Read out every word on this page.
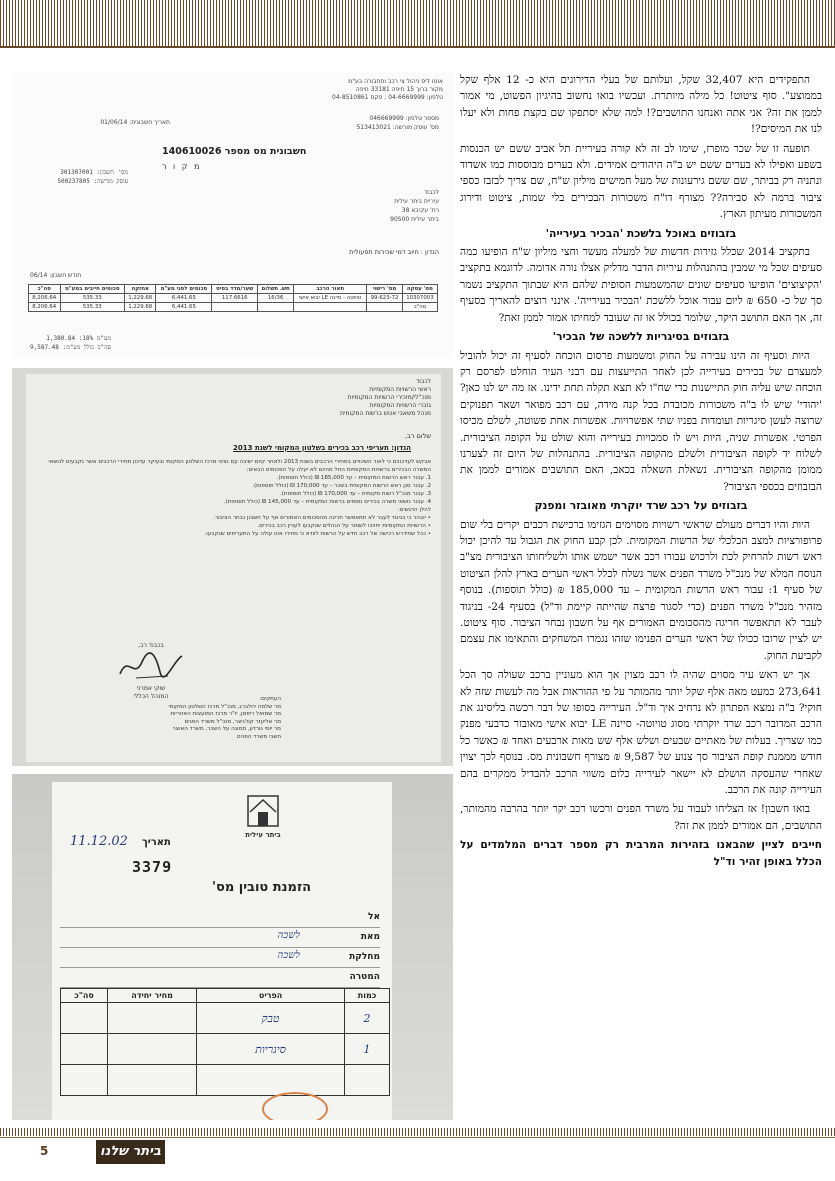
התפקידים היא 32,407 שקל, ועלותם של בעלי הדירוגים היא כ- 12 אלף שקל בממוצע". סוף ציטוט! כל מילה מיותרת. ועכשיו בואו נחשוב בהיגיון הפשוט, מי אמור לממן את זה? אני אתה ואנחנו התושבים?! למה שלא יסתפקו שם בקצת פחות ולא יעלו לנו את המיסים?!

תופעה זו של שכר מופרז, שימו לב זה לא קורה בעיריית תל אביב ששם יש הכנסות בשפע ואפילו לא בערים ששם יש ב"ה היהודים אמידים. ולא בערים מבוססות כמו אשדוד ונתניה רק בביתר, שם ששם גירעונות של מעל חמישים מיליון ש"ח, שם צריך לבזבז כספי ציבור ברמה לא סבירה?? מצורף דו"ח משכורות הבכירים בלי שמות, ציטוט ודירוג המשכורות מעיתון הארץ.

בזבוזים באוכל בלשכת 'הבכיר בעירייה'

בתקציב 2014 שכלל גזירות חדשות של למעלה מעשר וחצי מיליון ש"ח הופיעו כמה סעיפים שכל מי שמבין בהתנהלות עיריות הדבר מדליק אצלו נורה אדומה. לדוגמא בתקציב 'הקיצוצים' הופיעו סעיפים שונים שהמשמעות הסופית שלהם היא שבתוך התקציב נשמר סך של כ- 650 ₪ ליום עבור אוכל ללשכת 'הבכיר בעירייה'. אינני רוצים להאריך בסעיף זה, אך האם התושב היקר, שלומד בכולל או זה שעובד למחיתו אמור לממן זאת?

בזבוזים בסיגריות ללשכה של הבכיר'

היות וסעיף זה הינו עבירה על החוק ומשמעות פרסום הוכחה לסעיף זה יכול להוביל למעצרם של בכירים בעירייה לכן לאחר התייעצות עם רבני העיר הוחלט לפרסם רק הוכחה שיש עליה חוק התיישנות כדי שח"ו לא תצא תקלה תחת ידינו. אז מה יש לנו כאן? 'יהודי' שיש לו ב"ה משכורות מכובדת בכל קנה מידה, עם רכב מפואר ושאר תפנוקים שרוצה לעשן סיגריות ועומדות בפניו שתי אפשרויות. אפשרות אחת פשוטה, לשלם מכיסו הפרטי. אפשרות שניה, היות ויש לו סמכויות בעירייה והוא שולט על הקופה הציבורית. לשלוח יד לקופה הציבורית ולשלם מהקופה הציבורית. בהתנהלות של היום זה לצערנו ממומן מהקופה הציבורית. נשאלת השאלה בכאב, האם התושבים אמורים לממן את הבזבוזים בכספי הציבור?

בזבוזים על רכב שרד יוקרתי מאובזר ומפנק

היות והיו דברים מעולם שראשי רשויות מסוימים הגזימו ברכישת רכבים יקרים בלי שום פרופורציות למצב הכלכלי של הרשות המקומית. לכן קבע החוק את הגבול עד להיכן יכול ראש רשות להרחיק לכת ולרכוש עבורו רכב אשר ישמש אותו ולשליחותו הציבורית מצ"ב הנוסח המלא של מנכ"ל משרד הפנים אשר נשלח לכלל ראשי הערים בארץ להלן הציטוט של סעיף 1: עבור ראש הרשות המקומית – עד 185,000 ₪ (כולל תוספות). בנוסף מזהיר מנכ"ל משרד הפנים (כדי לסגור פרצה שהייתה קיימת וד"ל) בסעיף 24- בניגוד לעבר לא תתאפשר חריגה מהסכומים האמורים אף על חשבון נבחר הציבור. סוף ציטוט. יש לציין שרובו ככולו של ראשי הערים הפנימו שזהו נגמרו המשחקים והתאימו את עצמם לקביעת החוק.

אך יש ראש עיר מסוים שהיה לו רכב מצוין אך הוא מעוניין ברכב שעולה סך הכל 273,641 כמעט מאה אלף שקל יותר מהמותר על פי ההוראות אבל מה לעשות שזה לא חוקי? ב"ה נמצא הפתרון לא נרחיב איך וד"ל. העירייה בסופו של דבר רכשה בליסינג את הרכב המדובר רכב שרד יוקרתי מסוג טויוטה- סיינה LE יבוא אישי מאובזר כדבעי מפנק כמו שצריך. בעלות של מאתיים שבעים ושלש אלף שש מאות ארבעים ואחד ₪ כאשר כל חודש מממנת קופת הציבור סך צנוע של 9,587 ₪ מצורף חשבונית מס. בנוסף לכך יצוין שאחרי שהעסקה הושלם לא יישאר לעירייה כלום משווי הרכב להבדיל ממקרים בהם העירייה קונה את הרכב.

בואו חשבון! אז הצליחו לעבוד על משרד הפנים ורכשו רכב יקר יותר בהרבה מהמותר, התושבים, הם אמורים לממן את זה?

חייבים לציין שהבאנו בזהירות המרבית רק מספר דברים המלמדים על הכלל באופן זהיר וד"ל

אוטו ליס ניהול צי רכב ותחבורה בע"מ
מקור ברוך 15 חיפה 33181 חיפה
טלפון: 04-6669999 ; פקס 04-8510861
מספר טלפון: 046669999
מס' עוסק מורשה: 513413021
תאריך חשבונית: 01/06/14
חשבונית מס מספר 140610026
מ ק ו ר
מס' חשבון: 301307001
עוסק מורשה: 500237805
לכבוד
עיריית ביתר עילית
רח' עקיבא 38
ביתר עילית 90500
הנדון : חיוב דמי שכירות תפעולית
חודש חשבון: 06/14
מס' עסקה	מס' רישוי	תאור הרכב	תש. תשלום	שער/מדד בסיס	סכומים לפני מע"מ	אחזקה	סכומים חייבים במע"מ	סה"כ
10307003	99-623-72	טויוטה - סיינה LE יבוא אישי	16/36	117.6616	6,441.65	1,229.68	535.33	8,206.64
סה"כ					6,441.65	1,229.68	535.33	8,206.64
מע"מ 18%: 1,380.84
סה"כ כולל מע"מ: 9,587.48
לכבוד
ראשי הרשויות המקומיות
מנכ"לי/מזכירי הרשויות המקומיות
גזברי הרשויות המקומיות
מנהל משאבי אנוש ברשות המקומית
שלום רב,
הנדון: תעריפי רכב בכירים בשלטון המקומי לשנת 2013
אבקש לעדכנכם כי לאור השינויים במחירי הרכבים בשנת 2013 ולאחר קיום ישיבה עם נציגי מרכז השלטון המקומי ובעיקר עדכון מחירי הרכבים אשר נקבעים לנושאי המשרה הבכירים ברשויות המקומיות החל מהיום לא יעלה על הסכומים הבאים:
1. עבור ראש הרשות המקומית – עד 185,000 ₪ (כולל תוספות).
2. עבור סגן ראש הרשות המקומית בשכר – עד 170,000 ₪ (כולל תוספות).
3. עבור מנכ"ל רשות מקומית – עד 170,000 ₪ (כולל תוספות).
4. עבור נושאי משרה בכירים נוספים ברשות המקומית – עד 145,000 ₪ (כולל תוספות).
להלן הדגשים:
• יובהר כי בניגוד לעבר לא תתאפשר חריגה מהסכומים האמורים אף על חשבון נבחר הציבור.
• הרשויות המקומיות יחויבו לשמור על הנהלים שנקבעו לעניין רכב בכירים.
• ככל שתידרש רכישה של רכב חדש על הרשות לוודא כי מחירו אינו עולה על התעריפים שנקבעו.
בכבוד רב,
שוקי אמרני
המנהל הכללי	העתקים:
מר שלמה דולברג, מנכ"ל מרכז השלטון המקומי
מר שמואל ריפמן, יו"ר מרכז המועצות האזוריות
מר אליעזר קוז'ניצר, מנכ"ל משרד הפנים
מר יוסי גורדון, ממונה על השכר, משרד האוצר
חשבי משרד הפנים
ביתר עילית
תאריך
11.12.02
3379
הזמנת טובין מס'
אל
מאת
לשכה
מחלקת
לשכה
המטרה
כמות	הפריט	מחיר יחידה	סה"כ
2	טבק		
1	סיגריות		

5	ביתר שלנו
